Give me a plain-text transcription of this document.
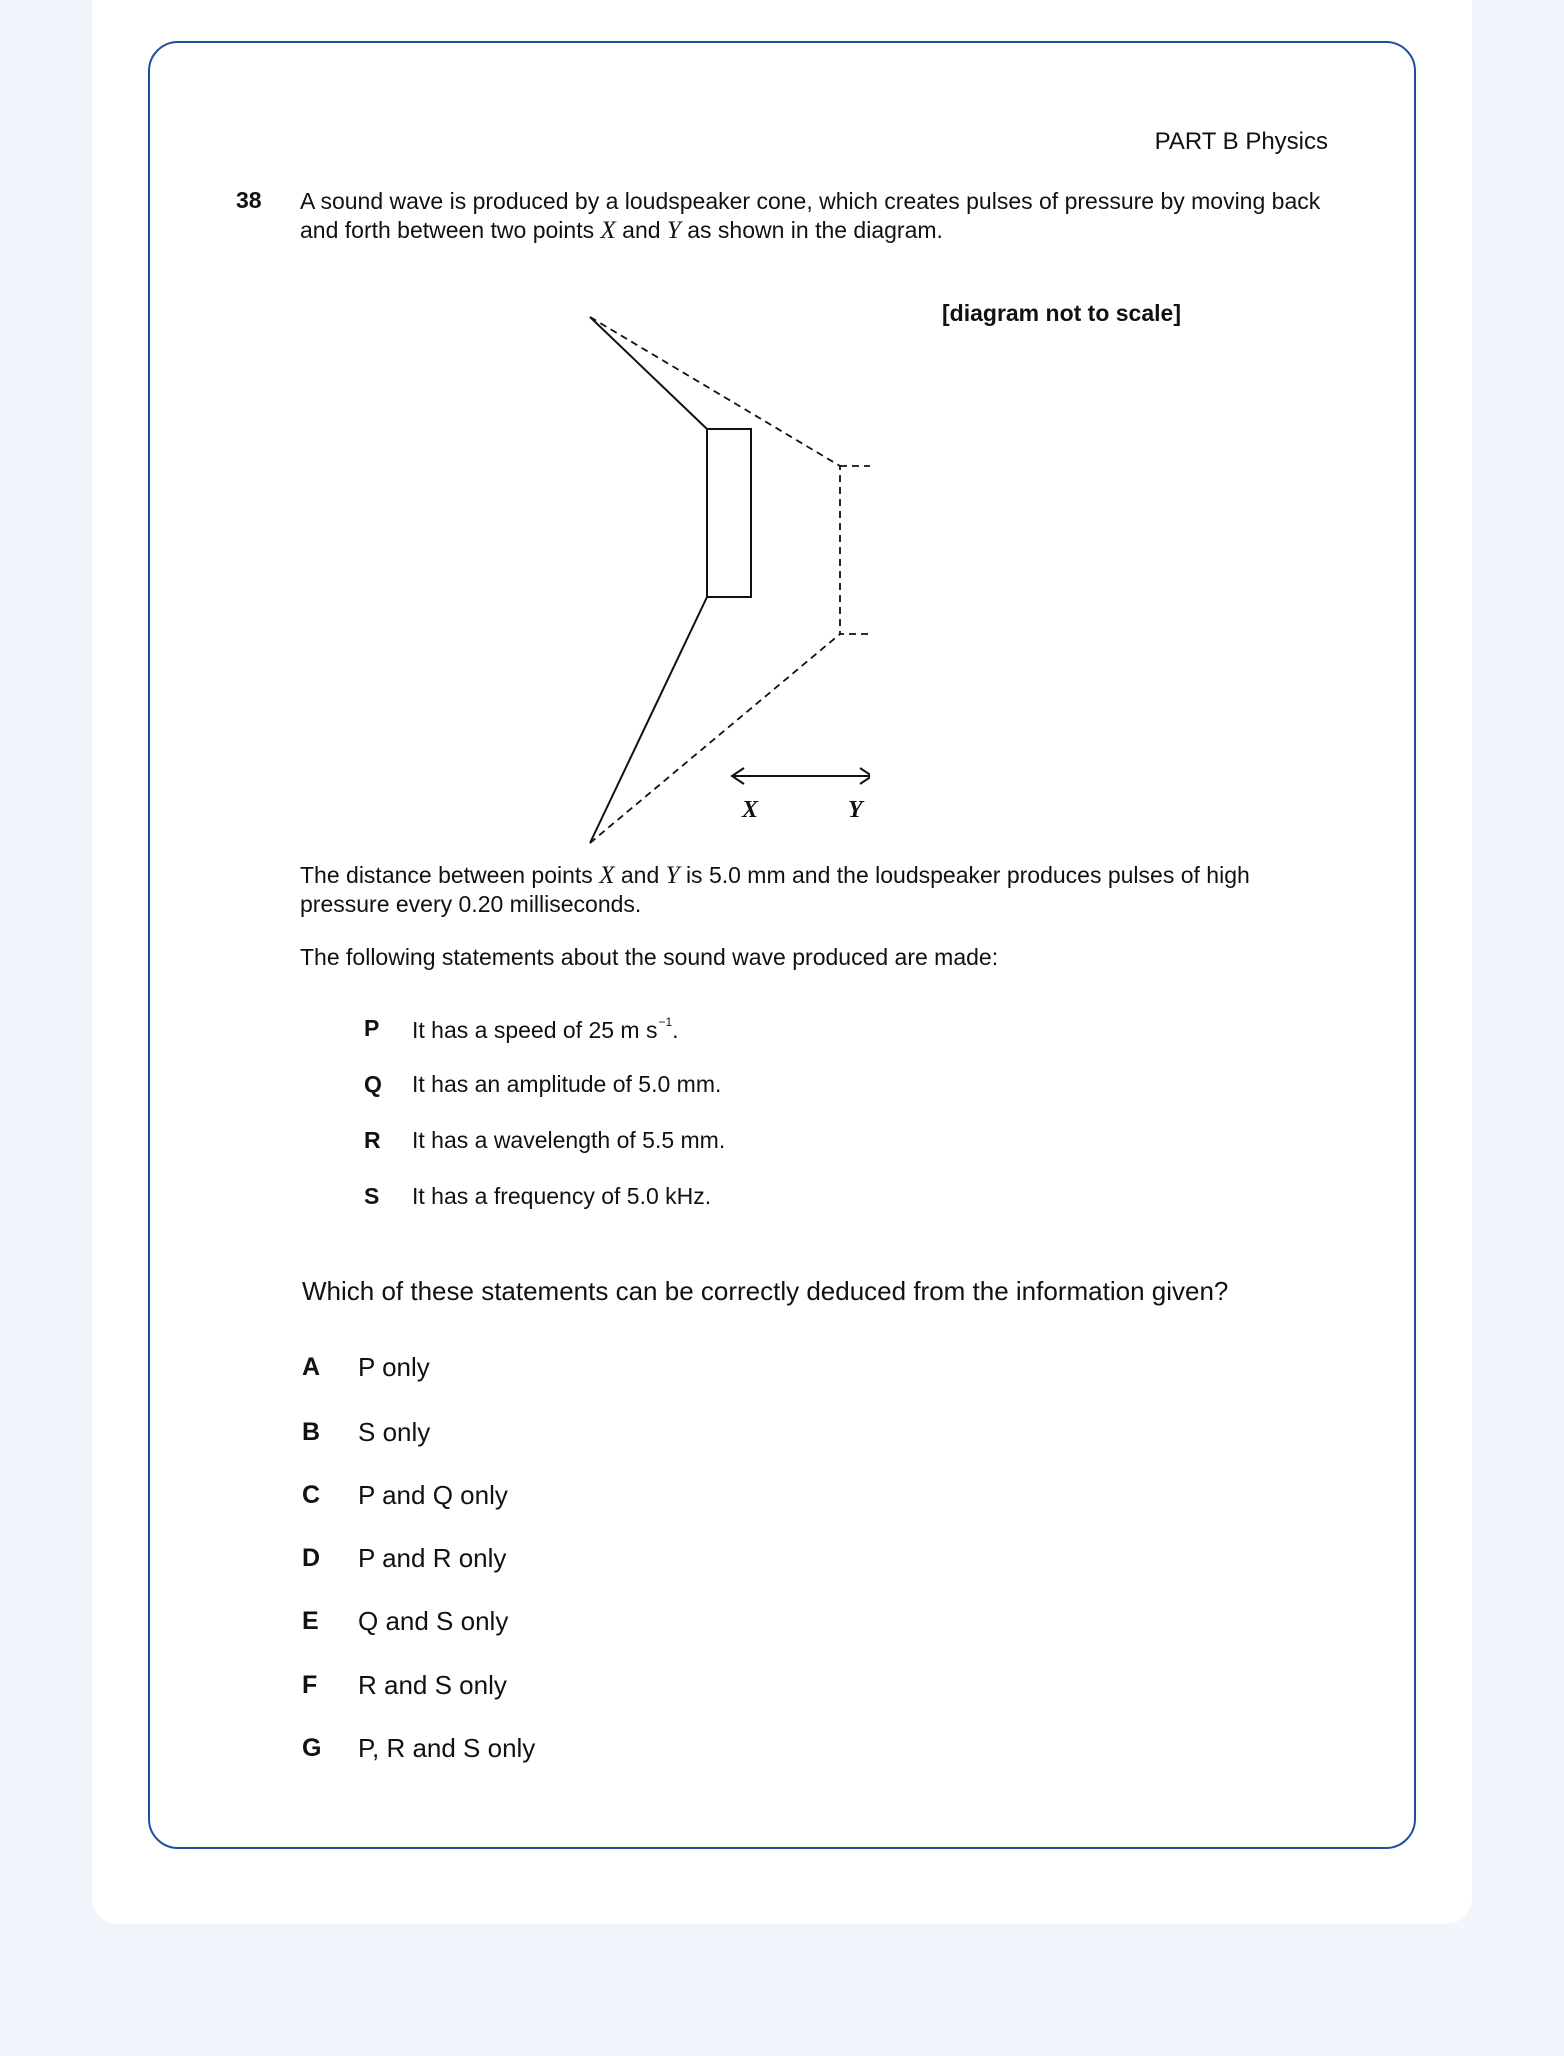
PART B Physics
38 A sound wave is produced by a loudspeaker cone, which creates pulses of pressure by moving back and forth between two points X and Y as shown in the diagram.
[diagram not to scale]
X	Y
The distance between points X and Y is 5.0 mm and the loudspeaker produces pulses of high pressure every 0.20 milliseconds.
The following statements about the sound wave produced are made:
P It has a speed of 25 m $s^{-1}$.
Q It has an amplitude of 5.0 mm.
R It has a wavelength of 5.5 mm.
S It has a frequency of 5.0 kHz.
Which of these statements can be correctly deduced from the information given?
A P only
B S only
C P and Q only
D P and R only
E Q and S only
F R and S only
G P, R and S only
